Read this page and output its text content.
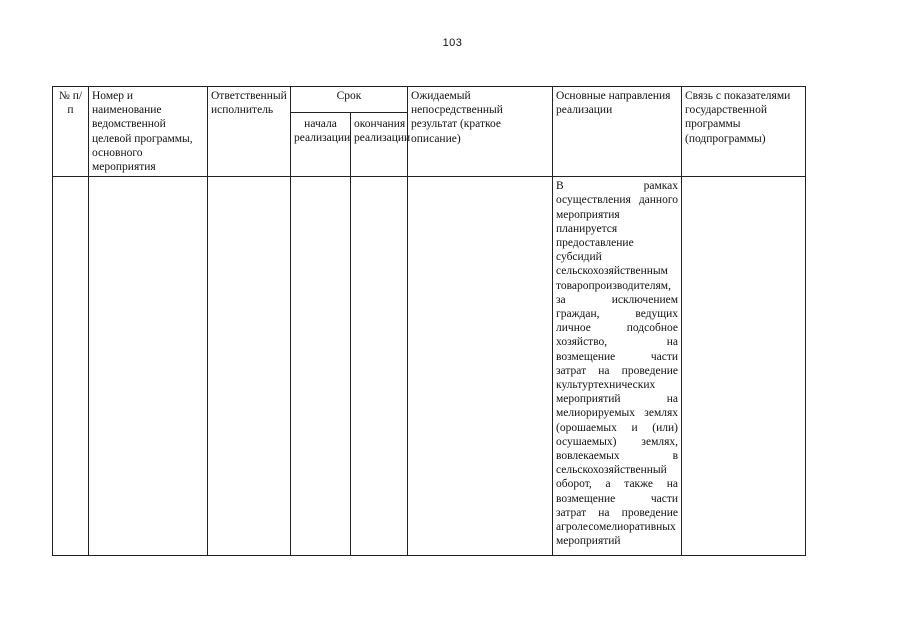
103
№ п/п	Номер и наименование ведомственной целевой программы, основного мероприятия	Ответственный исполнитель	Срок		Ожидаемый непосредственный результат (краткое описание)	Основные направления реализации	Связь с показателями государственной программы (подпрограммы)
			начала реализации	окончания реализации			

						В рамках осуществления данного мероприятия планируется предоставление субсидий сельскохозяйственным товаропроизводителям, за исключением граждан, ведущих личное подсобное хозяйство, на возмещение части затрат на проведение культуртехнических мероприятий на мелиорируемых землях (орошаемых и (или) осушаемых) землях, вовлекаемых в сельскохозяйственный оборот, а также на возмещение части затрат на проведение агролесомелиоративных мероприятий	
